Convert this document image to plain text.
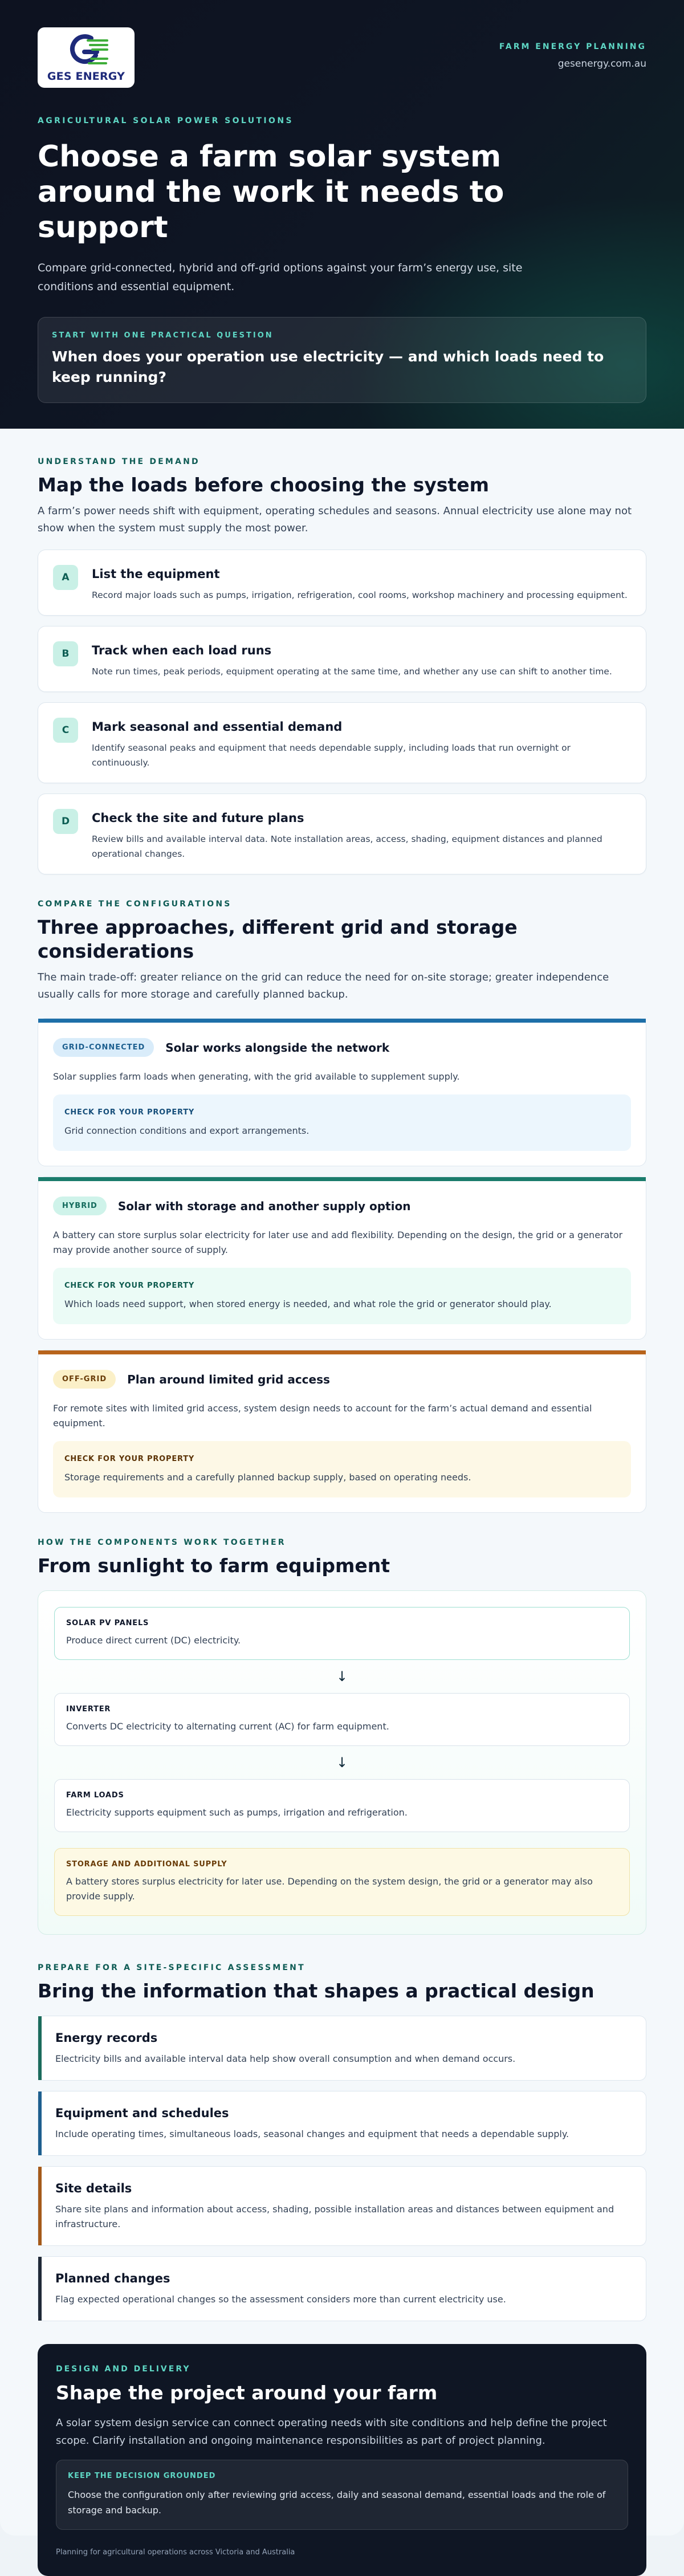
GES ENERGY
FARM ENERGY PLANNING
gesenergy.com.au
AGRICULTURAL SOLAR POWER SOLUTIONS
Choose a farm solar system around the work it needs to support

Compare grid-connected, hybrid and off-grid options against your farm’s energy use, site conditions and essential equipment.

START WITH ONE PRACTICAL QUESTION
When does your operation use electricity — and which loads need to keep running?
UNDERSTAND THE DEMAND
Map the loads before choosing the system

A farm’s power needs shift with equipment, operating schedules and seasons. Annual electricity use alone may not show when the system must supply the most power.

A	List the equipment
Record major loads such as pumps, irrigation, refrigeration, cool rooms, workshop machinery and processing equipment.
B	Track when each load runs
Note run times, peak periods, equipment operating at the same time, and whether any use can shift to another time.
C	Mark seasonal and essential demand
Identify seasonal peaks and equipment that needs dependable supply, including loads that run overnight or continuously.
D	Check the site and future plans
Review bills and available interval data. Note installation areas, access, shading, equipment distances and planned operational changes.
COMPARE THE CONFIGURATIONS
Three approaches, different grid and storage considerations

The main trade-off: greater reliance on the grid can reduce the need for on-site storage; greater independence usually calls for more storage and carefully planned backup.

GRID-CONNECTED	Solar works alongside the network
Solar supplies farm loads when generating, with the grid available to supplement supply.
CHECK FOR YOUR PROPERTY
Grid connection conditions and export arrangements.
HYBRID	Solar with storage and another supply option
A battery can store surplus solar electricity for later use and add flexibility. Depending on the design, the grid or a generator may provide another source of supply.
CHECK FOR YOUR PROPERTY
Which loads need support, when stored energy is needed, and what role the grid or generator should play.
OFF-GRID	Plan around limited grid access
For remote sites with limited grid access, system design needs to account for the farm’s actual demand and essential equipment.
CHECK FOR YOUR PROPERTY
Storage requirements and a carefully planned backup supply, based on operating needs.
HOW THE COMPONENTS WORK TOGETHER
From sunlight to farm equipment
SOLAR PV PANELS
Produce direct current (DC) electricity.
↓
INVERTER
Converts DC electricity to alternating current (AC) for farm equipment.
↓
FARM LOADS
Electricity supports equipment such as pumps, irrigation and refrigeration.
STORAGE AND ADDITIONAL SUPPLY
A battery stores surplus electricity for later use. Depending on the system design, the grid or a generator may also provide supply.
PREPARE FOR A SITE-SPECIFIC ASSESSMENT
Bring the information that shapes a practical design
Energy records
Electricity bills and available interval data help show overall consumption and when demand occurs.
Equipment and schedules
Include operating times, simultaneous loads, seasonal changes and equipment that needs a dependable supply.
Site details
Share site plans and information about access, shading, possible installation areas and distances between equipment and infrastructure.
Planned changes
Flag expected operational changes so the assessment considers more than current electricity use.
DESIGN AND DELIVERY
Shape the project around your farm
A solar system design service can connect operating needs with site conditions and help define the project scope. Clarify installation and ongoing maintenance responsibilities as part of project planning.
KEEP THE DECISION GROUNDED
Choose the configuration only after reviewing grid access, daily and seasonal demand, essential loads and the role of storage and backup.
Planning for agricultural operations across Victoria and Australia
